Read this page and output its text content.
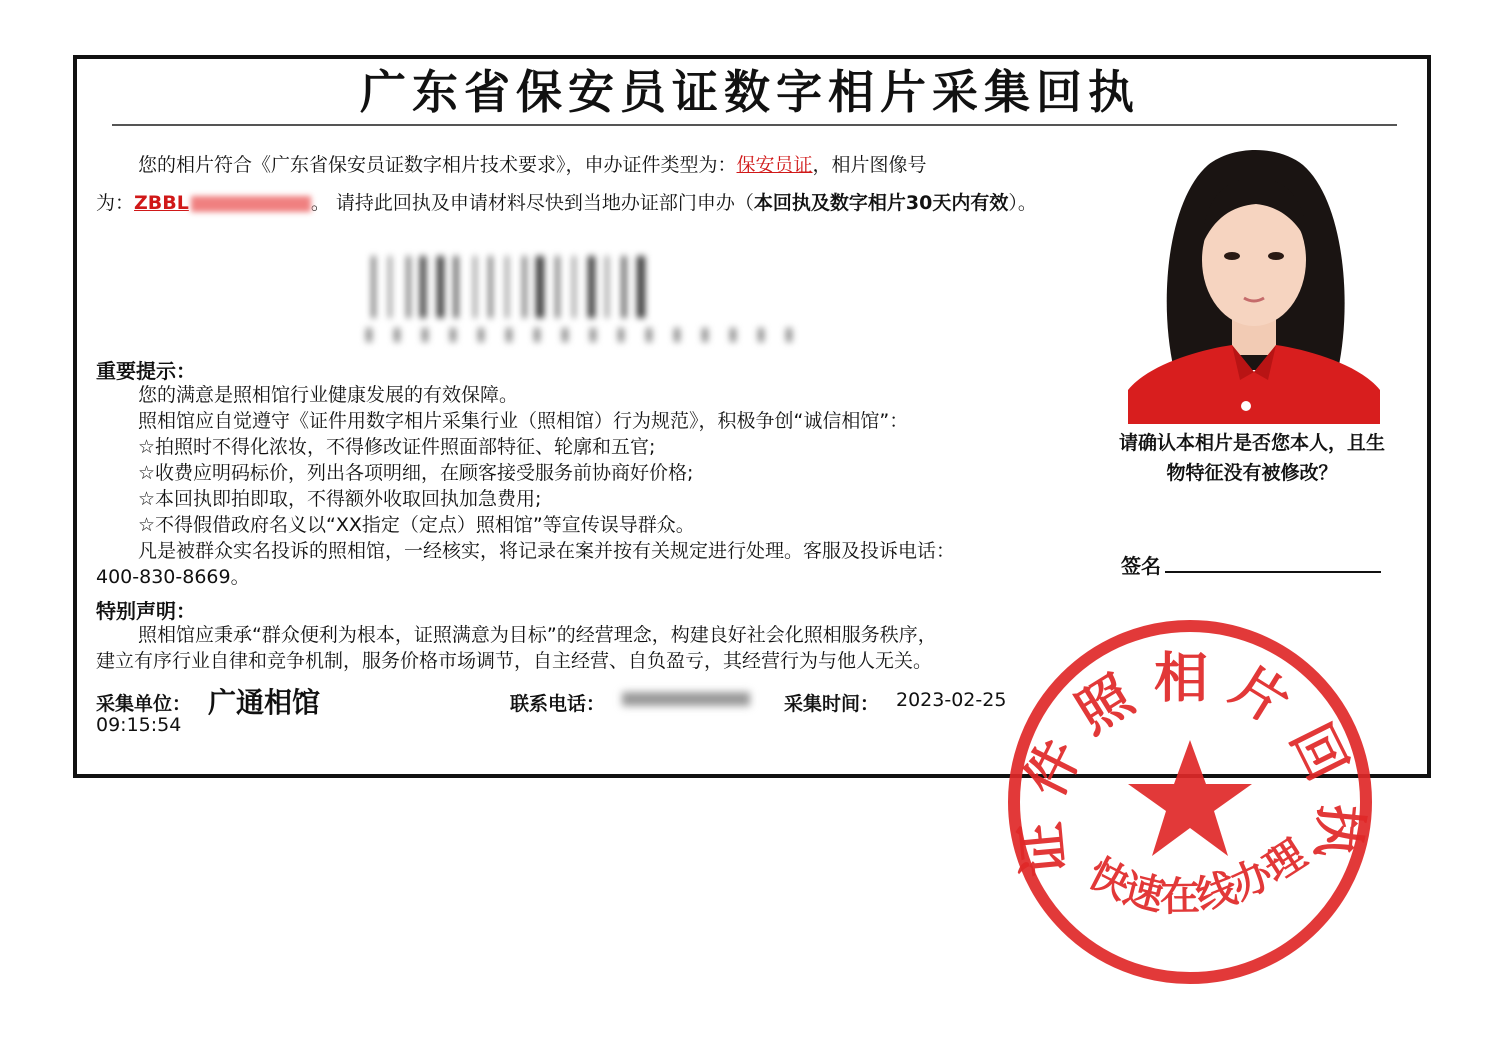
广东省保安员证数字相片采集回执

您的相片符合《广东省保安员证数字相片技术要求》，申办证件类型为：保安员证，相片图像号

为：ZBBL	。 请持此回执及申请材料尽快到当地办证部门申办（本回执及数字相片30天内有效）。

重要提示：
您的满意是照相馆行业健康发展的有效保障。
照相馆应自觉遵守《证件用数字相片采集行业（照相馆）行为规范》，积极争创“诚信相馆”：
☆拍照时不得化浓妆，不得修改证件照面部特征、轮廓和五官;
☆收费应明码标价，列出各项明细，在顾客接受服务前协商好价格;
☆本回执即拍即取，不得额外收取回执加急费用;
☆不得假借政府名义以“XX指定（定点）照相馆”等宣传误导群众。
凡是被群众实名投诉的照相馆，一经核实，将记录在案并按有关规定进行处理。客服及投诉电话：
400-830-8669。
特别声明：
照相馆应秉承“群众便利为根本，证照满意为目标”的经营理念，构建良好社会化照相服务秩序，
建立有序行业自律和竞争机制，服务价格市场调节，自主经营、自负盈亏，其经营行为与他人无关。
采集单位： 广通相馆	联系电话：	采集时间： 2023-02-25
09:15:54
请确认本相片是否您本人，且生
物特征没有被修改？
签名
证件照相片回执
快速在线办理
